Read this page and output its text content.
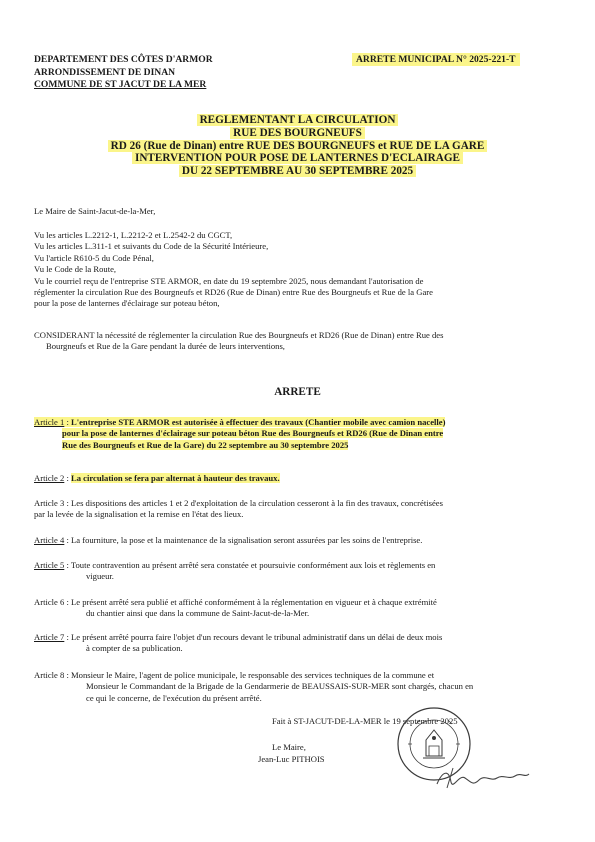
DEPARTEMENT DES CÔTES D'ARMOR
ARRONDISSEMENT DE DINAN
COMMUNE DE ST JACUT DE LA MER
ARRETE MUNICIPAL N° 2025-221-T
REGLEMENTANT LA CIRCULATION
RUE DES BOURGNEUFS
RD 26 (Rue de Dinan) entre RUE DES BOURGNEUFS et RUE DE LA GARE
INTERVENTION POUR POSE DE LANTERNES D'ECLAIRAGE
DU 22 SEPTEMBRE AU 30 SEPTEMBRE 2025
Le Maire de Saint-Jacut-de-la-Mer,
Vu les articles L.2212-1, L.2212-2 et L.2542-2 du CGCT,
Vu les articles L.311-1 et suivants du Code de la Sécurité Intérieure,
Vu l'article R610-5 du Code Pénal,
Vu le Code de la Route,
Vu le courriel reçu de l'entreprise STE ARMOR, en date du 19 septembre 2025, nous demandant l'autorisation de
réglementer la circulation Rue des Bourgneufs et RD26 (Rue de Dinan) entre Rue des Bourgneufs et Rue de la Gare
pour la pose de lanternes d'éclairage sur poteau béton,
CONSIDERANT la nécessité de réglementer la circulation Rue des Bourgneufs et RD26 (Rue de Dinan) entre Rue des
Bourgneufs et Rue de la Gare pendant la durée de leurs interventions,
ARRETE
Article 1 : L'entreprise STE ARMOR est autorisée à effectuer des travaux (Chantier mobile avec camion nacelle)
pour la pose de lanternes d'éclairage sur poteau béton Rue des Bourgneufs et RD26 (Rue de Dinan entre
Rue des Bourgneufs et Rue de la Gare) du 22 septembre au 30 septembre 2025
Article 2 : La circulation se fera par alternat à hauteur des travaux.
Article 3 : Les dispositions des articles 1 et 2 d'exploitation de la circulation cesseront à la fin des travaux, concrétisées
par la levée de la signalisation et la remise en l'état des lieux.
Article 4 : La fourniture, la pose et la maintenance de la signalisation seront assurées par les soins de l'entreprise.
Article 5 : Toute contravention au présent arrêté sera constatée et poursuivie conformément aux lois et règlements en
vigueur.
Article 6 : Le présent arrêté sera publié et affiché conformément à la réglementation en vigueur et à chaque extrémité
du chantier ainsi que dans la commune de Saint-Jacut-de-la-Mer.
Article 7 : Le présent arrêté pourra faire l'objet d'un recours devant le tribunal administratif dans un délai de deux mois
à compter de sa publication.
Article 8 : Monsieur le Maire, l'agent de police municipale, le responsable des services techniques de la commune et
Monsieur le Commandant de la Brigade de la Gendarmerie de BEAUSSAIS-SUR-MER sont chargés, chacun en
ce qui le concerne, de l'exécution du présent arrêté.
Fait à ST-JACUT-DE-LA-MER le 19 septembre 2025
Le Maire,
Jean-Luc PITHOIS
